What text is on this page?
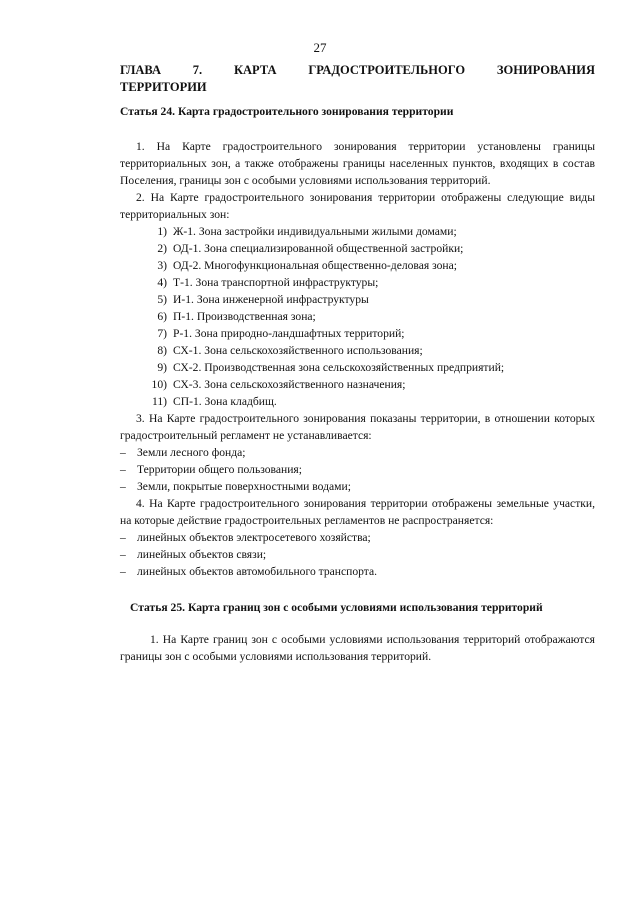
27
ГЛАВА	7.	КАРТА	ГРАДОСТРОИТЕЛЬНОГО	ЗОНИРОВАНИЯ
ТЕРРИТОРИИ
Статья 24. Карта градостроительного зонирования территории

1. На Карте градостроительного зонирования территории установлены границы территориальных зон, а также отображены границы населенных пунктов, входящих в состав Поселения, границы зон с особыми условиями использования территорий.

2. На Карте градостроительного зонирования территории отображены следующие виды территориальных зон:

1) Ж-1. Зона застройки индивидуальными жилыми домами;
2) ОД-1. Зона специализированной общественной застройки;
3) ОД-2. Многофункциональная общественно-деловая зона;
4) Т-1. Зона транспортной инфраструктуры;
5) И-1. Зона инженерной инфраструктуры
6) П-1. Производственная зона;
7) Р-1. Зона природно-ландшафтных территорий;
8) СХ-1. Зона сельскохозяйственного использования;
9) СХ-2. Производственная зона сельскохозяйственных предприятий;
10) СХ-3. Зона сельскохозяйственного назначения;
11) СП-1. Зона кладбищ.

3. На Карте градостроительного зонирования показаны территории, в отношении которых градостроительный регламент не устанавливается:

– Земли лесного фонда;
– Территории общего пользования;
– Земли, покрытые поверхностными водами;

4. На Карте градостроительного зонирования территории отображены земельные участки, на которые действие градостроительных регламентов не распространяется:

– линейных объектов электросетевого хозяйства;
– линейных объектов связи;
– линейных объектов автомобильного транспорта.
Статья 25. Карта границ зон с особыми условиями использования территорий

1. На Карте границ зон с особыми условиями использования территорий отображаются границы зон с особыми условиями использования территорий.
